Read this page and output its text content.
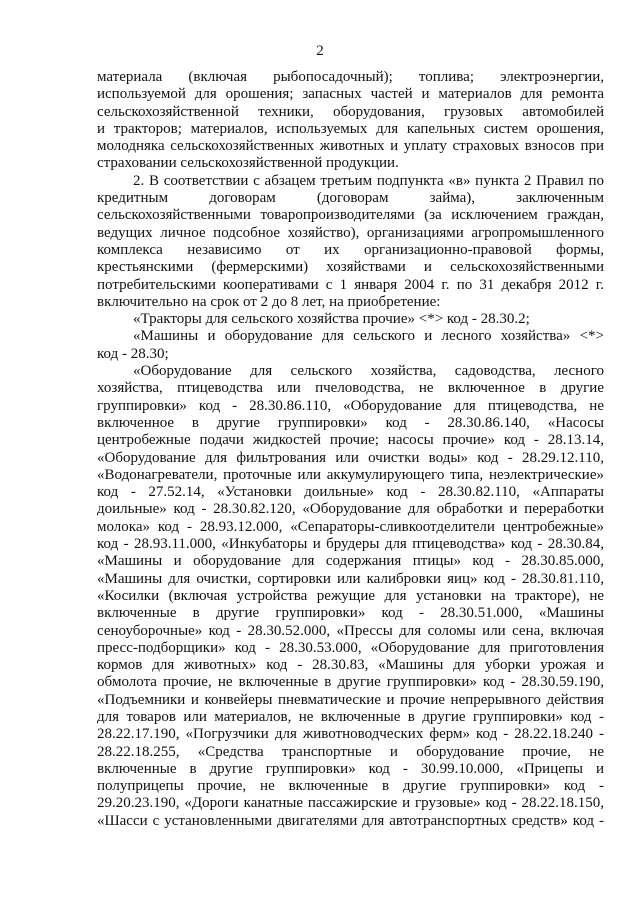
2
материала (включая рыбопосадочный); топлива; электроэнергии,
используемой для орошения; запасных частей и материалов для ремонта
сельскохозяйственной техники, оборудования, грузовых автомобилей
и тракторов; материалов, используемых для капельных систем орошения,
молодняка сельскохозяйственных животных и уплату страховых взносов при
страховании сельскохозяйственной продукции.
2. В соответствии с абзацем третьим подпункта «в» пункта 2 Правил по
кредитным договорам (договорам займа), заключенным
сельскохозяйственными товаропроизводителями (за исключением граждан,
ведущих личное подсобное хозяйство), организациями агропромышленного
комплекса независимо от их организационно-правовой формы,
крестьянскими (фермерскими) хозяйствами и сельскохозяйственными
потребительскими кооперативами с 1 января 2004 г. по 31 декабря 2012 г.
включительно на срок от 2 до 8 лет, на приобретение:
«Тракторы для сельского хозяйства прочие» <*> код - 28.30.2;
«Машины и оборудование для сельского и лесного хозяйства» <*>
код - 28.30;
«Оборудование для сельского хозяйства, садоводства, лесного
хозяйства, птицеводства или пчеловодства, не включенное в другие
группировки» код - 28.30.86.110, «Оборудование для птицеводства, не
включенное в другие группировки» код - 28.30.86.140, «Насосы
центробежные подачи жидкостей прочие; насосы прочие» код - 28.13.14,
«Оборудование для фильтрования или очистки воды» код - 28.29.12.110,
«Водонагреватели, проточные или аккумулирующего типа, неэлектрические»
код - 27.52.14, «Установки доильные» код - 28.30.82.110, «Аппараты
доильные» код - 28.30.82.120, «Оборудование для обработки и переработки
молока» код - 28.93.12.000, «Сепараторы-сливкоотделители центробежные»
код - 28.93.11.000, «Инкубаторы и брудеры для птицеводства» код - 28.30.84,
«Машины и оборудование для содержания птицы» код - 28.30.85.000,
«Машины для очистки, сортировки или калибровки яиц» код - 28.30.81.110,
«Косилки (включая устройства режущие для установки на тракторе), не
включенные в другие группировки» код - 28.30.51.000, «Машины
сеноуборочные» код - 28.30.52.000, «Прессы для соломы или сена, включая
пресс-подборщики» код - 28.30.53.000, «Оборудование для приготовления
кормов для животных» код - 28.30.83, «Машины для уборки урожая и
обмолота прочие, не включенные в другие группировки» код - 28.30.59.190,
«Подъемники и конвейеры пневматические и прочие непрерывного действия
для товаров или материалов, не включенные в другие группировки» код -
28.22.17.190, «Погрузчики для животноводческих ферм» код - 28.22.18.240 -
28.22.18.255, «Средства транспортные и оборудование прочие, не
включенные в другие группировки» код - 30.99.10.000, «Прицепы и
полуприцепы прочие, не включенные в другие группировки» код -
29.20.23.190, «Дороги канатные пассажирские и грузовые» код - 28.22.18.150,
«Шасси с установленными двигателями для автотранспортных средств» код -
